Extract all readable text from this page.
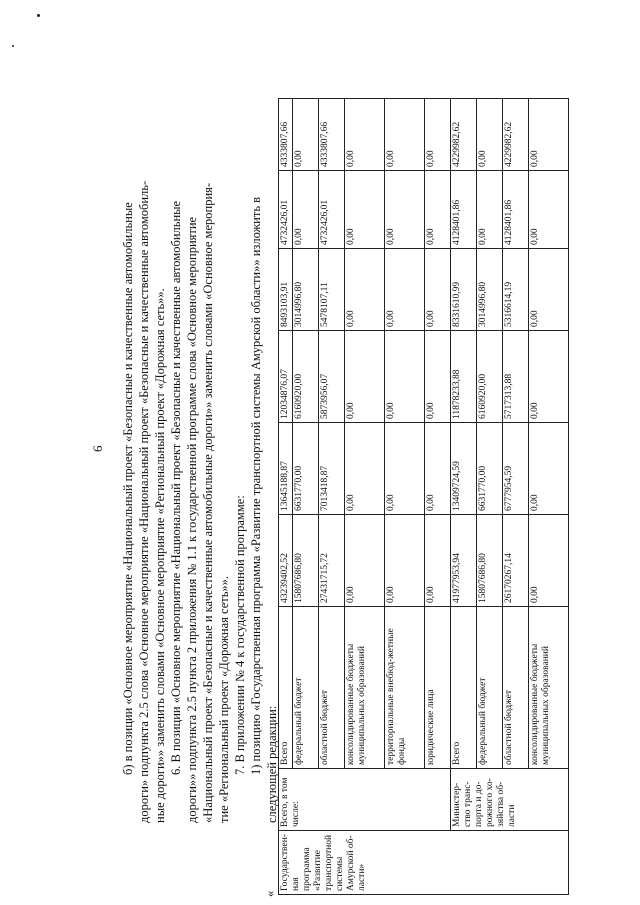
6 б) в позиции «Основное мероприятие «Национальный проект «Безопасные и качественные автомобильные дороги» подпункта 2.5 слова «Основное мероприятие «Национальный проект «Безопасные и качественные автомобиль- ные дороги»» заменить словами «Основное мероприятие «Региональный проект «Дорожная сеть»». 6. В позиции «Основное мероприятие «Национальный проект «Безопасные и качественные автомобильные дороги»» подпункта 2.5 пункта 2 приложения № 1.1 к государственной программе слова «Основное мероприятие «Национальный проект «Безопасные и качественные автомобильные дороги»» заменить словами «Основное мероприя- тие «Региональный проект «Дорожная сеть»». 7. В приложении № 4 к государственной программе: 1) позицию «Государственная программа «Развитие транспортной системы Амурской области»» изложить в следующей редакции:
«
Государствен-ная программа «Развитие транспортной системы Амурской об-ласти»	Всего, в том числе:	Всего	43239402,52	13645188,87	12034876,07	8493103,91	4732426,01	4333807,66
		федеральный бюджет	15807686,80	6631770,00	6160920,00	3014996,80	0,00	0,00
		областной бюджет	27431715,72	7013418,87	5873956,07	5478107,11	4732426,01	4333807,66
		консолидированные бюджеты муниципальных образований	0,00	0,00	0,00	0,00	0,00	0,00
		территориальные внебюд-жетные фонды	0,00	0,00	0,00	0,00	0,00	0,00
		юридические лица	0,00	0,00	0,00	0,00	0,00	0,00
	Министер-ство транс-порта и до-рожного хо-зяйства об-ласти	Всего	41977953,94	13409724,59	11878233,88	8331610,99	4128401,86	4229982,62
		федеральный бюджет	15807686,80	6631770,00	6160920,00	3014996,80	0,00	0,00
		областной бюджет	26170267,14	6777954,59	5717313,88	5316614,19	4128401,86	4229982,62
		консолидированные бюджеты муниципальных образований	0,00	0,00	0,00	0,00	0,00	0,00
